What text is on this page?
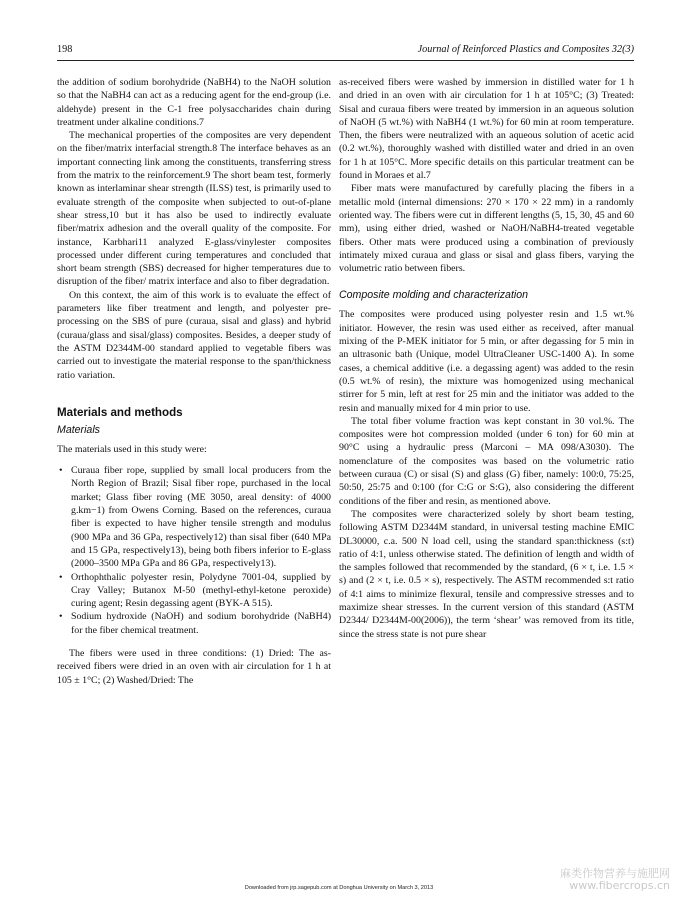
198	Journal of Reinforced Plastics and Composites 32(3)

the addition of sodium borohydride (NaBH4) to the NaOH solution so that the NaBH4 can act as a reducing agent for the end-group (i.e. aldehyde) present in the C-1 free polysaccharides chain during treatment under alkaline conditions.7

The mechanical properties of the composites are very dependent on the fiber/matrix interfacial strength.8 The interface behaves as an important connecting link among the constituents, transferring stress from the matrix to the reinforcement.9 The short beam test, formerly known as interlaminar shear strength (ILSS) test, is primarily used to evaluate strength of the composite when subjected to out-of-plane shear stress,10 but it has also be used to indirectly evaluate fiber/matrix adhesion and the overall quality of the composite. For instance, Karbhari11 analyzed E-glass/vinylester composites processed under different curing temperatures and concluded that short beam strength (SBS) decreased for higher temperatures due to disruption of the fiber/ matrix interface and also to fiber degradation.

On this context, the aim of this work is to evaluate the effect of parameters like fiber treatment and length, and polyester pre-processing on the SBS of pure (curaua, sisal and glass) and hybrid (curaua/glass and sisal/glass) composites. Besides, a deeper study of the ASTM D2344M-00 standard applied to vegetable fibers was carried out to investigate the material response to the span/thickness ratio variation.

Materials and methods
Materials

The materials used in this study were:

• Curaua fiber rope, supplied by small local producers from the North Region of Brazil; Sisal fiber rope, purchased in the local market; Glass fiber roving (ME 3050, areal density: of 4000 g.km−1) from Owens Corning. Based on the references, curaua fiber is expected to have higher tensile strength and modulus (900 MPa and 36 GPa, respectively12) than sisal fiber (640 MPa and 15 GPa, respectively13), being both fibers inferior to E-glass (2000–3500 MPa GPa and 86 GPa, respectively13).
• Orthophthalic polyester resin, Polydyne 7001-04, supplied by Cray Valley; Butanox M-50 (methyl-ethyl-ketone peroxide) curing agent; Resin degassing agent (BYK-A 515).
• Sodium hydroxide (NaOH) and sodium borohydride (NaBH4) for the fiber chemical treatment.

The fibers were used in three conditions: (1) Dried: The as-received fibers were dried in an oven with air circulation for 1 h at 105 ± 1°C; (2) Washed/Dried: The

as-received fibers were washed by immersion in distilled water for 1 h and dried in an oven with air circulation for 1 h at 105°C; (3) Treated: Sisal and curaua fibers were treated by immersion in an aqueous solution of NaOH (5 wt.%) with NaBH4 (1 wt.%) for 60 min at room temperature. Then, the fibers were neutralized with an aqueous solution of acetic acid (0.2 wt.%), thoroughly washed with distilled water and dried in an oven for 1 h at 105°C. More specific details on this particular treatment can be found in Moraes et al.7

Fiber mats were manufactured by carefully placing the fibers in a metallic mold (internal dimensions: 270 × 170 × 22 mm) in a randomly oriented way. The fibers were cut in different lengths (5, 15, 30, 45 and 60 mm), using either dried, washed or NaOH/NaBH4-treated vegetable fibers. Other mats were produced using a combination of previously intimately mixed curaua and glass or sisal and glass fibers, varying the volumetric ratio between fibers.

Composite molding and characterization

The composites were produced using polyester resin and 1.5 wt.% initiator. However, the resin was used either as received, after manual mixing of the P-MEK initiator for 5 min, or after degassing for 5 min in an ultrasonic bath (Unique, model UltraCleaner USC-1400 A). In some cases, a chemical additive (i.e. a degassing agent) was added to the resin (0.5 wt.% of resin), the mixture was homogenized using mechanical stirrer for 5 min, left at rest for 25 min and the initiator was added to the resin and manually mixed for 4 min prior to use.

The total fiber volume fraction was kept constant in 30 vol.%. The composites were hot compression molded (under 6 ton) for 60 min at 90°C using a hydraulic press (Marconi – MA 098/A3030). The nomenclature of the composites was based on the volumetric ratio between curaua (C) or sisal (S) and glass (G) fiber, namely: 100:0, 75:25, 50:50, 25:75 and 0:100 (for C:G or S:G), also considering the different conditions of the fiber and resin, as mentioned above.

The composites were characterized solely by short beam testing, following ASTM D2344M standard, in universal testing machine EMIC DL30000, c.a. 500 N load cell, using the standard span:thickness (s:t) ratio of 4:1, unless otherwise stated. The definition of length and width of the samples followed that recommended by the standard, (6 × t, i.e. 1.5 × s) and (2 × t, i.e. 0.5 × s), respectively. The ASTM recommended s:t ratio of 4:1 aims to minimize flexural, tensile and compressive stresses and to maximize shear stresses. In the current version of this standard (ASTM D2344/ D2344M-00(2006)), the term ‘shear’ was removed from its title, since the stress state is not pure shear

Downloaded from jrp.sagepub.com at Donghua University on March 3, 2013
麻类作物营养与施肥网
www.fibercrops.cn
